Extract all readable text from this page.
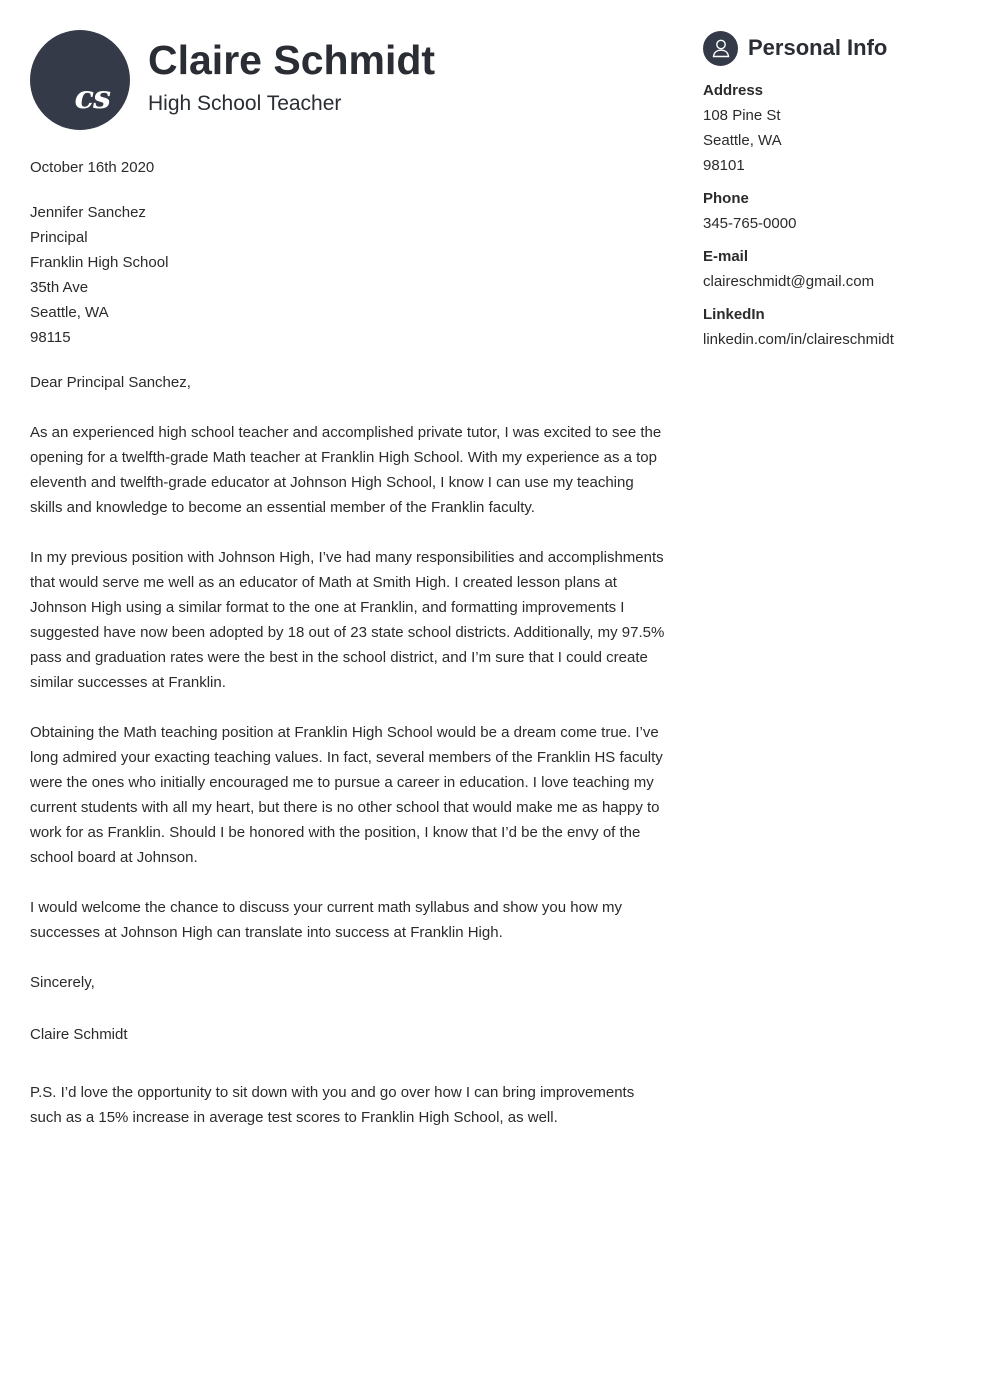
cs
Claire Schmidt
High School Teacher
October 16th 2020
Jennifer Sanchez
Principal
Franklin High School
35th Ave
Seattle, WA
98115
Dear Principal Sanchez,

As an experienced high school teacher and accomplished private tutor, I was excited to see the opening for a twelfth-grade Math teacher at Franklin High School. With my experience as a top eleventh and twelfth-grade educator at Johnson High School, I know I can use my teaching skills and knowledge to become an essential member of the Franklin faculty.

In my previous position with Johnson High, I’ve had many responsibilities and accomplishments that would serve me well as an educator of Math at Smith High. I created lesson plans at Johnson High using a similar format to the one at Franklin, and formatting improvements I suggested have now been adopted by 18 out of 23 state school districts. Additionally, my 97.5% pass and graduation rates were the best in the school district, and I’m sure that I could create similar successes at Franklin.

Obtaining the Math teaching position at Franklin High School would be a dream come true. I’ve long admired your exacting teaching values. In fact, several members of the Franklin HS faculty were the ones who initially encouraged me to pursue a career in education. I love teaching my current students with all my heart, but there is no other school that would make me as happy to work for as Franklin. Should I be honored with the position, I know that I’d be the envy of the school board at Johnson.

I would welcome the chance to discuss your current math syllabus and show you how my successes at Johnson High can translate into success at Franklin High.

Sincerely,
Claire Schmidt

P.S. I’d love the opportunity to sit down with you and go over how I can bring improvements such as a 15% increase in average test scores to Franklin High School, as well.

Personal Info
Address
108 Pine St
Seattle, WA
98101
Phone
345-765-0000
E-mail
claireschmidt@gmail.com
LinkedIn
linkedin.com/in/claireschmidt
